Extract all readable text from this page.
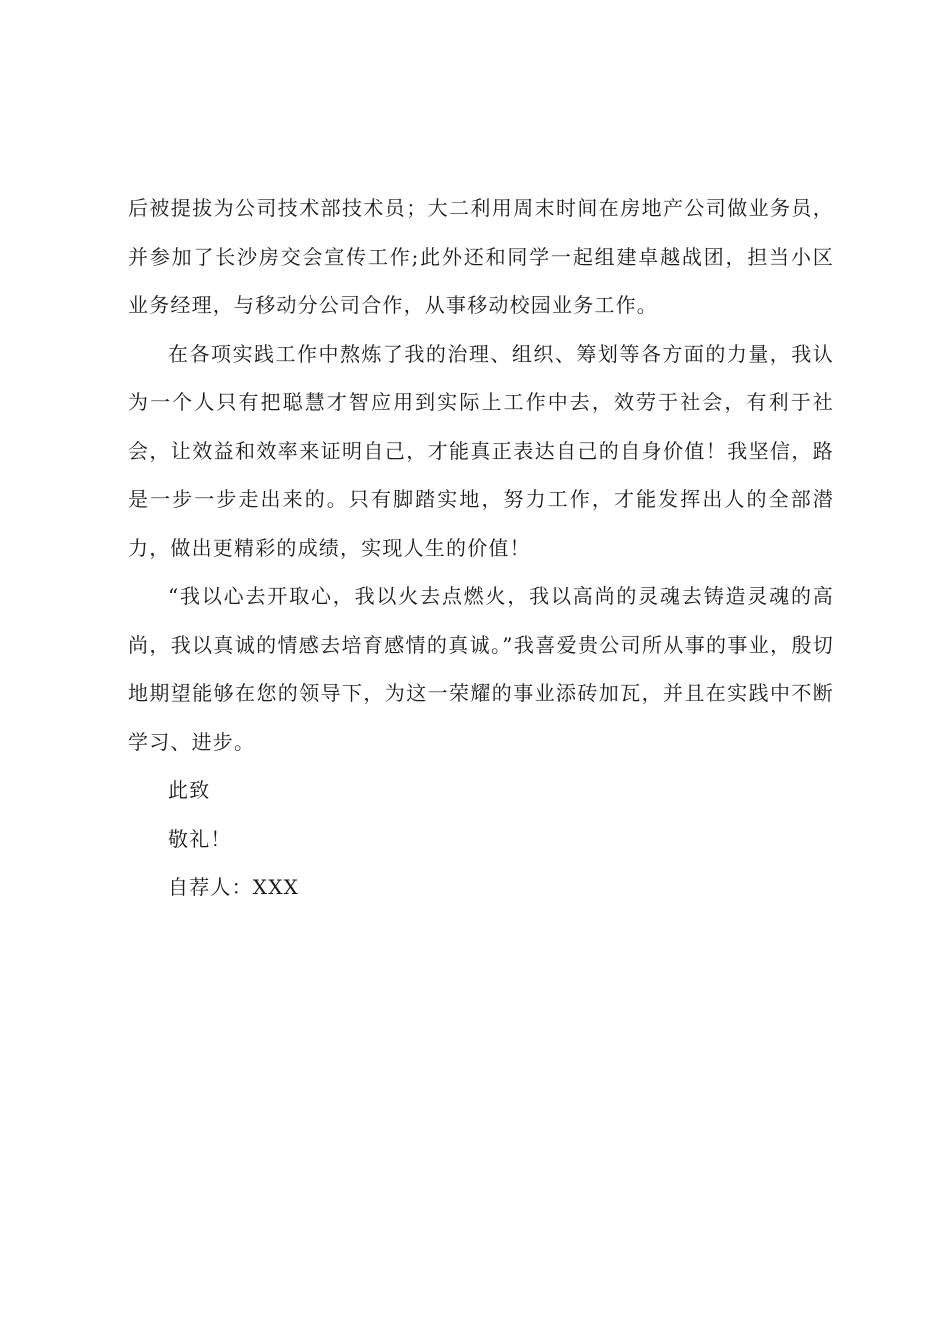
后被提拔为公司技术部技术员；大二利用周末时间在房地产公司做业务员，并参加了长沙房交会宣传工作;此外还和同学一起组建卓越战团，担当小区业务经理，与移动分公司合作，从事移动校园业务工作。

在各项实践工作中熬炼了我的治理、组织、筹划等各方面的力量，我认为一个人只有把聪慧才智应用到实际上工作中去，效劳于社会，有利于社会，让效益和效率来证明自己，才能真正表达自己的自身价值！我坚信，路是一步一步走出来的。只有脚踏实地，努力工作，才能发挥出人的全部潜力，做出更精彩的成绩，实现人生的价值！

“我以心去开取心，我以火去点燃火，我以高尚的灵魂去铸造灵魂的高尚，我以真诚的情感去培育感情的真诚。”我喜爱贵公司所从事的事业，殷切地期望能够在您的领导下，为这一荣耀的事业添砖加瓦，并且在实践中不断学习、进步。

此致

敬礼！

自荐人：XXX
